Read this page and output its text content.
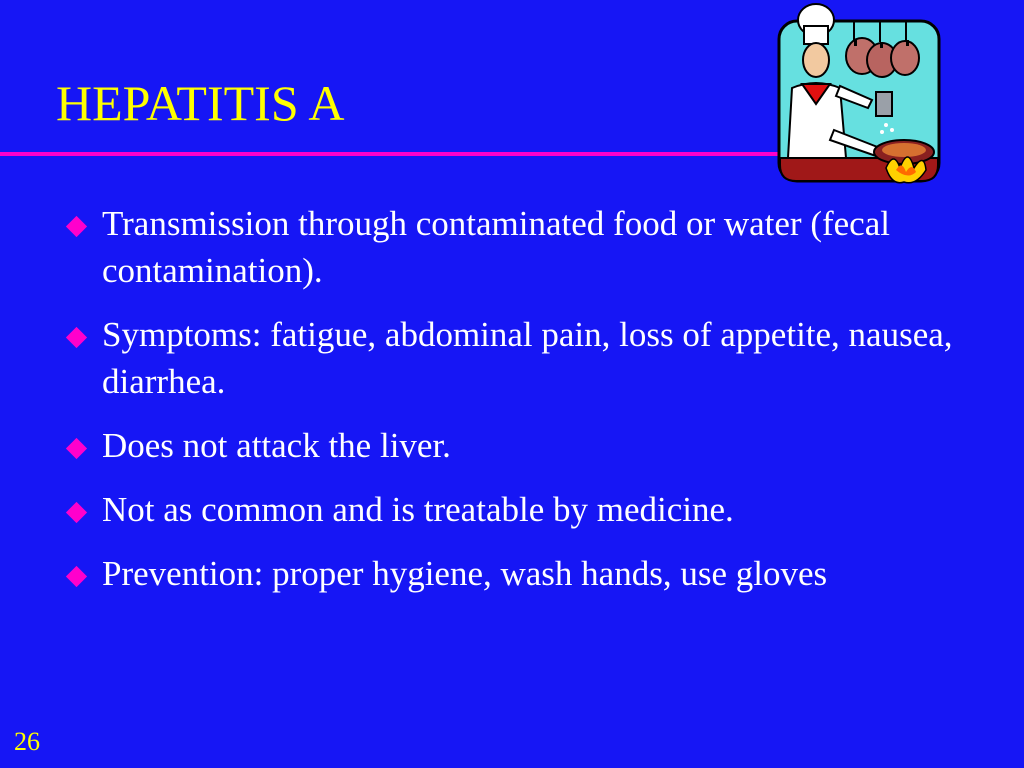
HEPATITIS A
Transmission through contaminated food or water (fecal contamination).
Symptoms: fatigue, abdominal pain, loss of appetite, nausea, diarrhea.
Does not attack the liver.
Not as common and is treatable by medicine.
Prevention: proper hygiene, wash hands, use gloves
26
